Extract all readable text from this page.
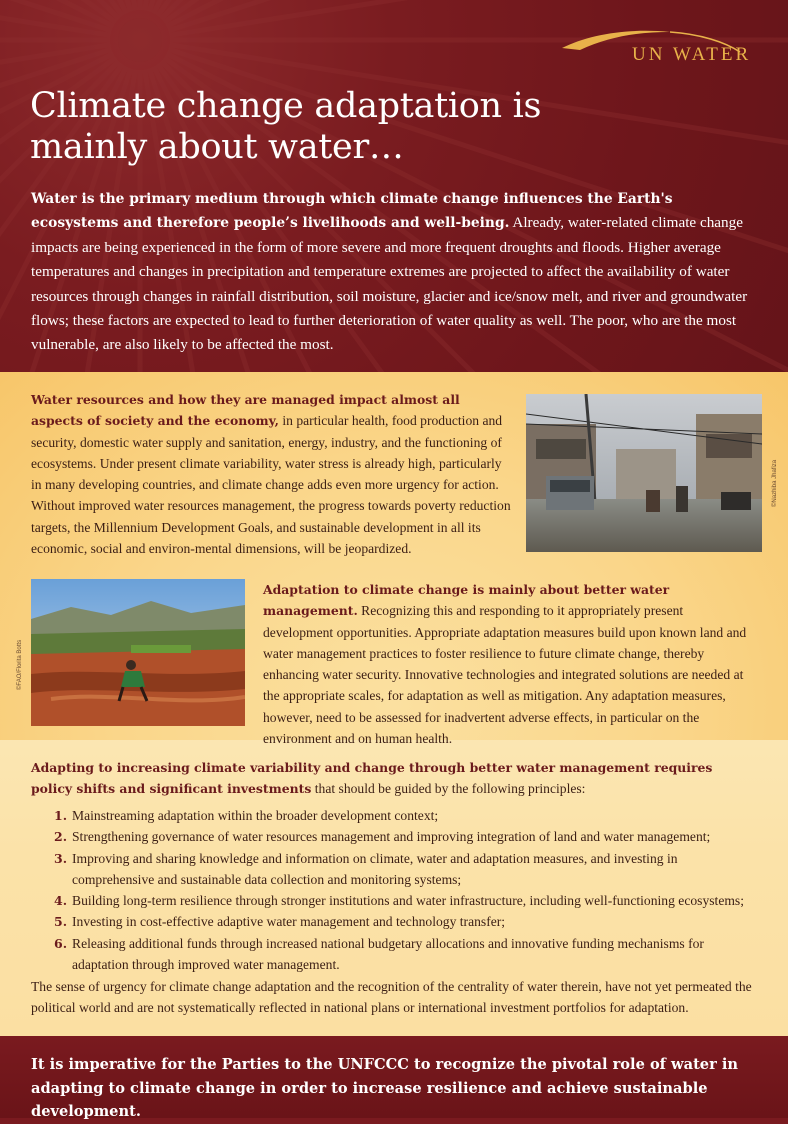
UN WATER
Climate change adaptation is
mainly about water…

Water is the primary medium through which climate change influences the Earth's ecosystems and therefore people’s livelihoods and well-being. Already, water-related climate change impacts are being experienced in the form of more severe and more frequent droughts and floods. Higher average temperatures and changes in precipitation and temperature extremes are projected to affect the availability of water resources through changes in rainfall distribution, soil moisture, glacier and ice/snow melt, and river and groundwater flows; these factors are expected to lead to further deterioration of water quality as well. The poor, who are the most vulnerable, are also likely to be affected the most.

Water resources and how they are managed impact almost all aspects of society and the economy, in particular health, food production and security, domestic water supply and sanitation, energy, industry, and the functioning of ecosystems. Under present climate variability, water stress is already high, particularly in many developing countries, and climate change adds even more urgency for action. Without improved water resources management, the progress towards poverty reduction targets, the Millennium Development Goals, and sustainable development in all its economic, social and environ-mental dimensions, will be jeopardized.

©Nazhiba Jhafiza
©FAO/Florita Botts

Adaptation to climate change is mainly about better water management. Recognizing this and responding to it appropriately present development opportunities. Appropriate adaptation measures build upon known land and water management practices to foster resilience to future climate change, thereby enhancing water security. Innovative technologies and integrated solutions are needed at the appropriate scales, for adaptation as well as mitigation. Any adaptation measures, however, need to be assessed for inadvertent adverse effects, in particular on the environment and on human health.

Adapting to increasing climate variability and change through better water management requires policy shifts and significant investments that should be guided by the following principles:

1. Mainstreaming adaptation within the broader development context;
2. Strengthening governance of water resources management and improving integration of land and water management;
3. Improving and sharing knowledge and information on climate, water and adaptation measures, and investing in comprehensive and sustainable data collection and monitoring systems;
4. Building long-term resilience through stronger institutions and water infrastructure, including well-functioning ecosystems;
5. Investing in cost-effective adaptive water management and technology transfer;
6. Releasing additional funds through increased national budgetary allocations and innovative funding mechanisms for adaptation through improved water management.

The sense of urgency for climate change adaptation and the recognition of the centrality of water therein, have not yet permeated the political world and are not systematically reflected in national plans or international investment portfolios for adaptation.

It is imperative for the Parties to the UNFCCC to recognize the pivotal role of water in adapting to climate change in order to increase resilience and achieve sustainable development.
